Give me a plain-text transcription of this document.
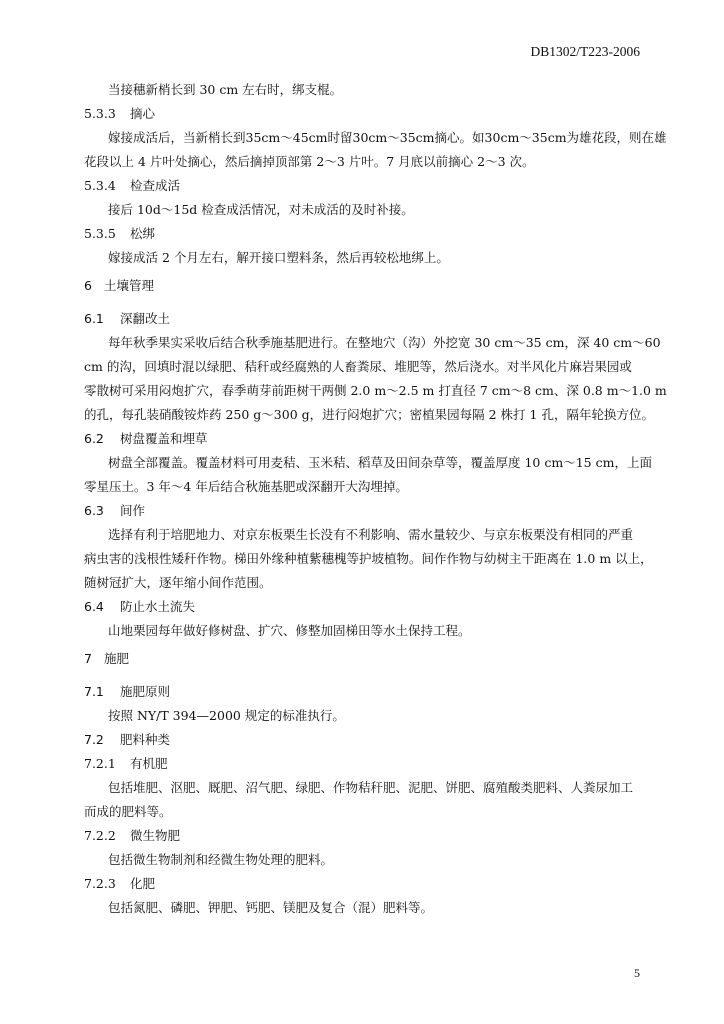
DB1302/T223-2006
当接穗新梢长到 30 cm 左右时，绑支棍。
5.3.3 摘心
嫁接成活后，当新梢长到35cm～45cm时留30cm～35cm摘心。如30cm～35cm为雄花段，则在雄
花段以上 4 片叶处摘心，然后摘掉顶部第 2～3 片叶。7 月底以前摘心 2～3 次。
5.3.4 检查成活
接后 10d～15d 检查成活情况，对未成活的及时补接。
5.3.5 松绑
嫁接成活 2 个月左右，解开接口塑料条，然后再较松地绑上。
6 土壤管理
6.1 深翻改土
每年秋季果实采收后结合秋季施基肥进行。在整地穴（沟）外挖宽 30 cm～35 cm，深 40 cm～60
cm 的沟，回填时混以绿肥、秸秆或经腐熟的人畜粪尿、堆肥等，然后浇水。对半风化片麻岩果园或
零散树可采用闷炮扩穴，春季萌芽前距树干两侧 2.0 m～2.5 m 打直径 7 cm～8 cm、深 0.8 m～1.0 m
的孔，每孔装硝酸铵炸药 250 g～300 g，进行闷炮扩穴；密植果园每隔 2 株打 1 孔，隔年轮换方位。
6.2 树盘覆盖和埋草
树盘全部覆盖。覆盖材料可用麦秸、玉米秸、稻草及田间杂草等，覆盖厚度 10 cm～15 cm，上面
零星压土。3 年～4 年后结合秋施基肥或深翻开大沟埋掉。
6.3 间作
选择有利于培肥地力、对京东板栗生长没有不利影响、需水量较少、与京东板栗没有相同的严重
病虫害的浅根性矮秆作物。梯田外缘种植紫穗槐等护坡植物。间作作物与幼树主干距离在 1.0 m 以上，
随树冠扩大，逐年缩小间作范围。
6.4 防止水土流失
山地栗园每年做好修树盘、扩穴、修整加固梯田等水土保持工程。
7 施肥
7.1 施肥原则
按照 NY/T 394—2000 规定的标准执行。
7.2 肥料种类
7.2.1 有机肥
包括堆肥、沤肥、厩肥、沼气肥、绿肥、作物秸秆肥、泥肥、饼肥、腐殖酸类肥料、人粪尿加工
而成的肥料等。
7.2.2 微生物肥
包括微生物制剂和经微生物处理的肥料。
7.2.3 化肥
包括氮肥、磷肥、钾肥、钙肥、镁肥及复合（混）肥料等。
5
